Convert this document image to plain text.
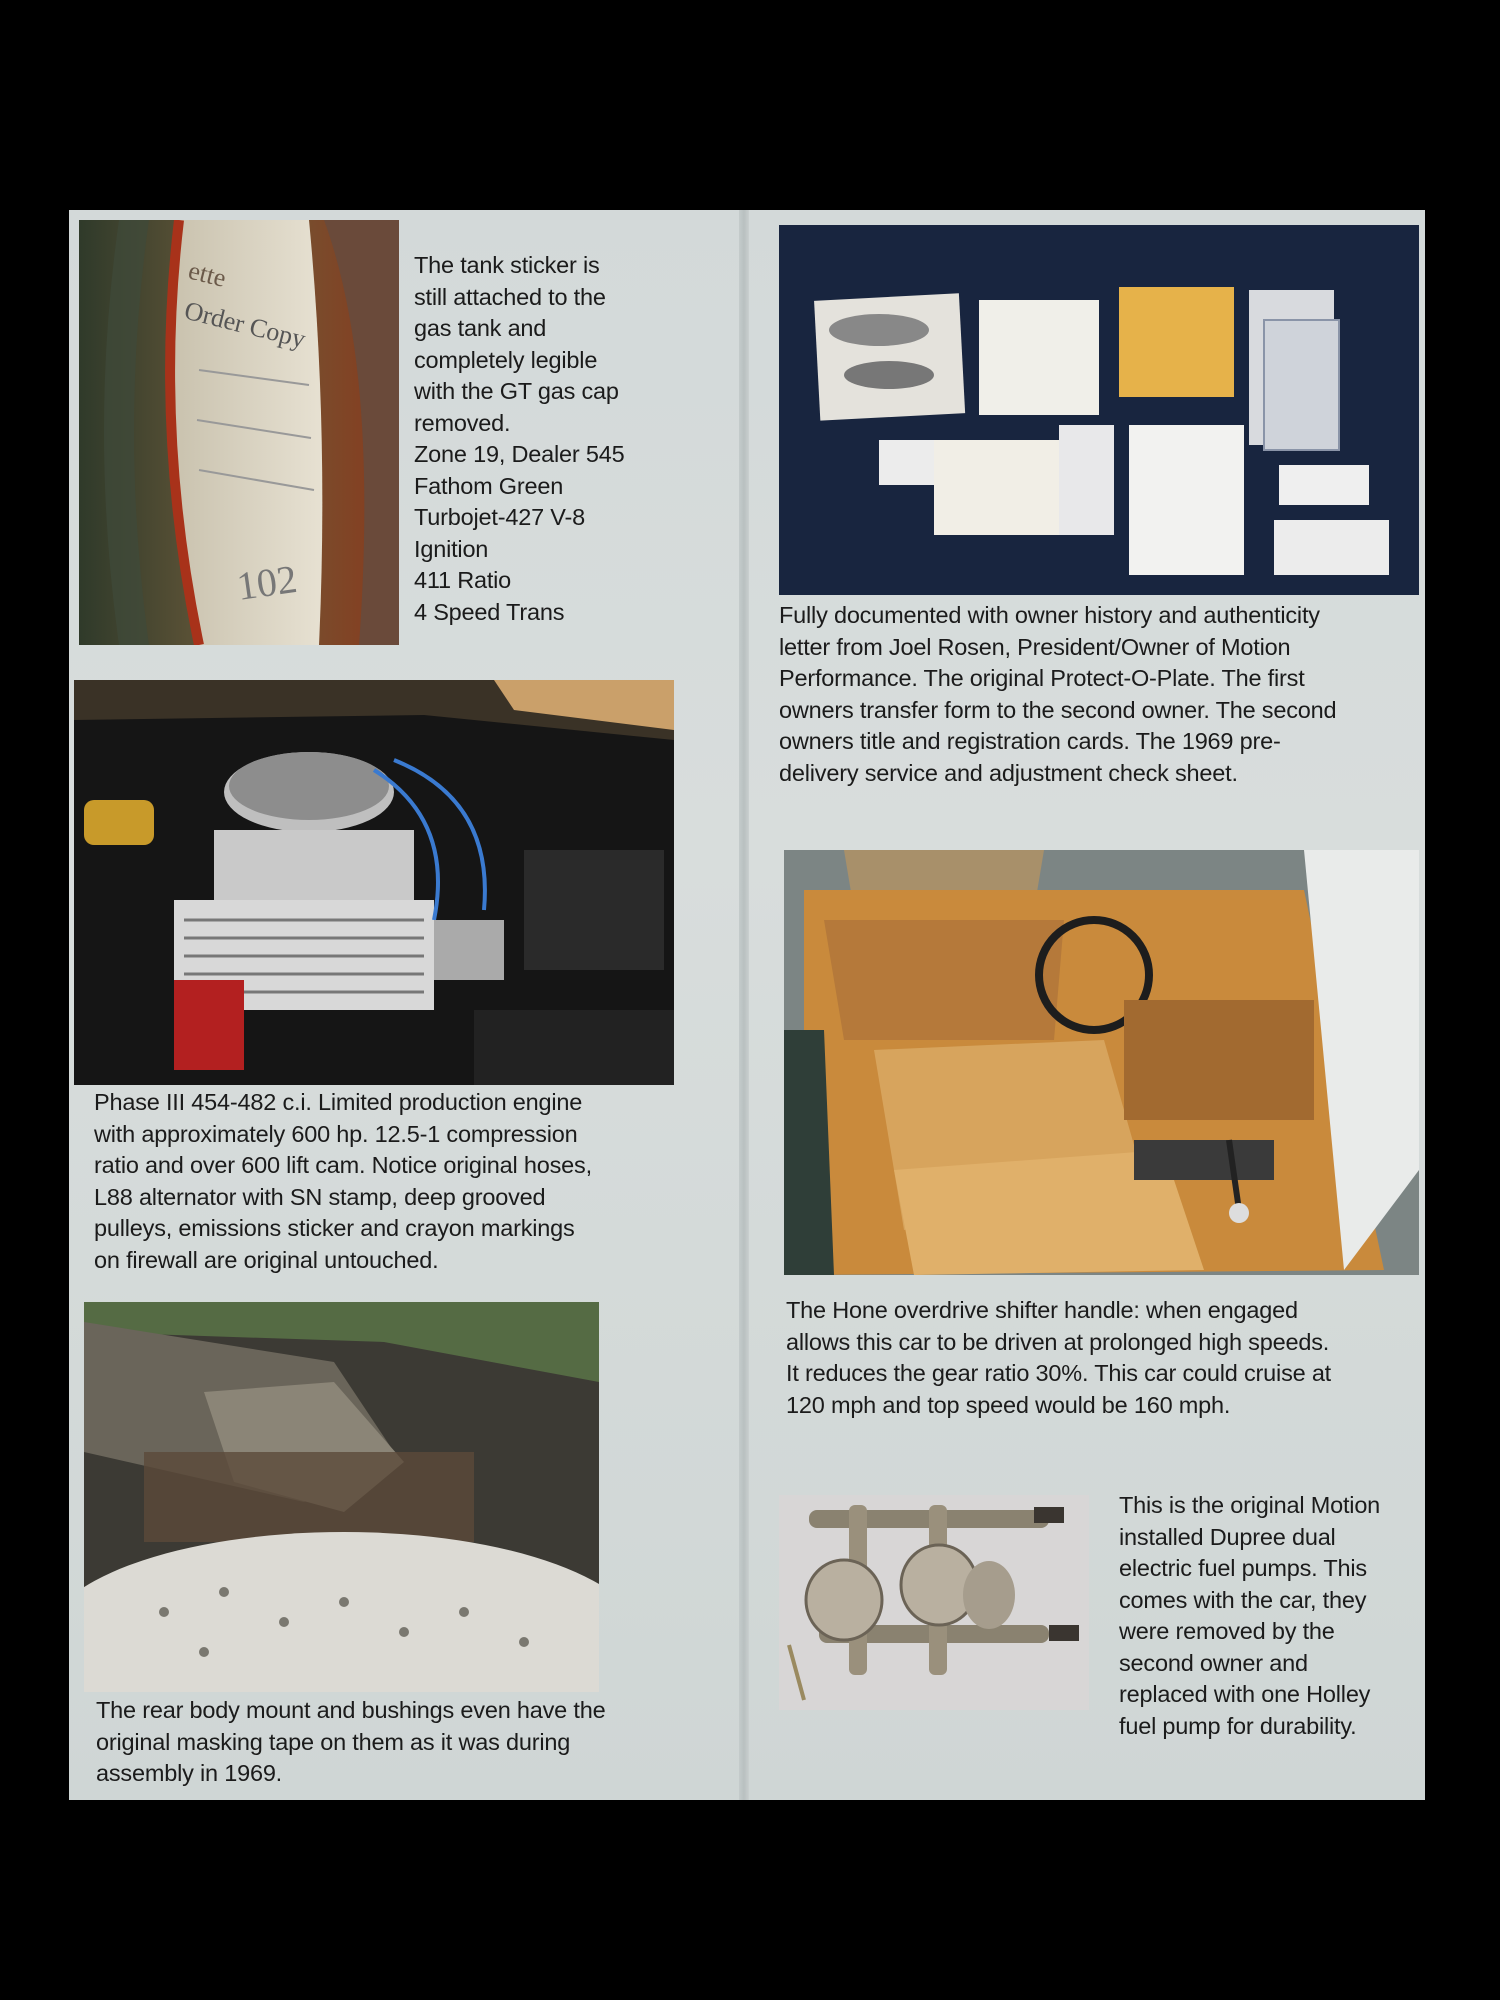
ette
Order Copy
102

The tank sticker is
still attached to the
gas tank and
completely legible
with the GT gas cap
removed.
Zone 19, Dealer 545
Fathom Green
Turbojet-427 V-8
Ignition
411 Ratio
4 Speed Trans

Phase III 454-482 c.i. Limited production engine
with approximately 600 hp. 12.5-1 compression
ratio and over 600 lift cam. Notice original hoses,
L88 alternator with SN stamp, deep grooved
pulleys, emissions sticker and crayon markings
on firewall are original untouched.

The rear body mount and bushings even have the
original masking tape on them as it was during
assembly in 1969.

Fully documented with owner history and authenticity
letter from Joel Rosen, President/Owner of Motion
Performance. The original Protect-O-Plate. The first
owners transfer form to the second owner. The second
owners title and registration cards. The 1969 pre-
delivery service and adjustment check sheet.

The Hone overdrive shifter handle: when engaged
allows this car to be driven at prolonged high speeds.
It reduces the gear ratio 30%. This car could cruise at
120 mph and top speed would be 160 mph.

This is the original Motion
installed Dupree dual
electric fuel pumps. This
comes with the car, they
were removed by the
second owner and
replaced with one Holley
fuel pump for durability.
